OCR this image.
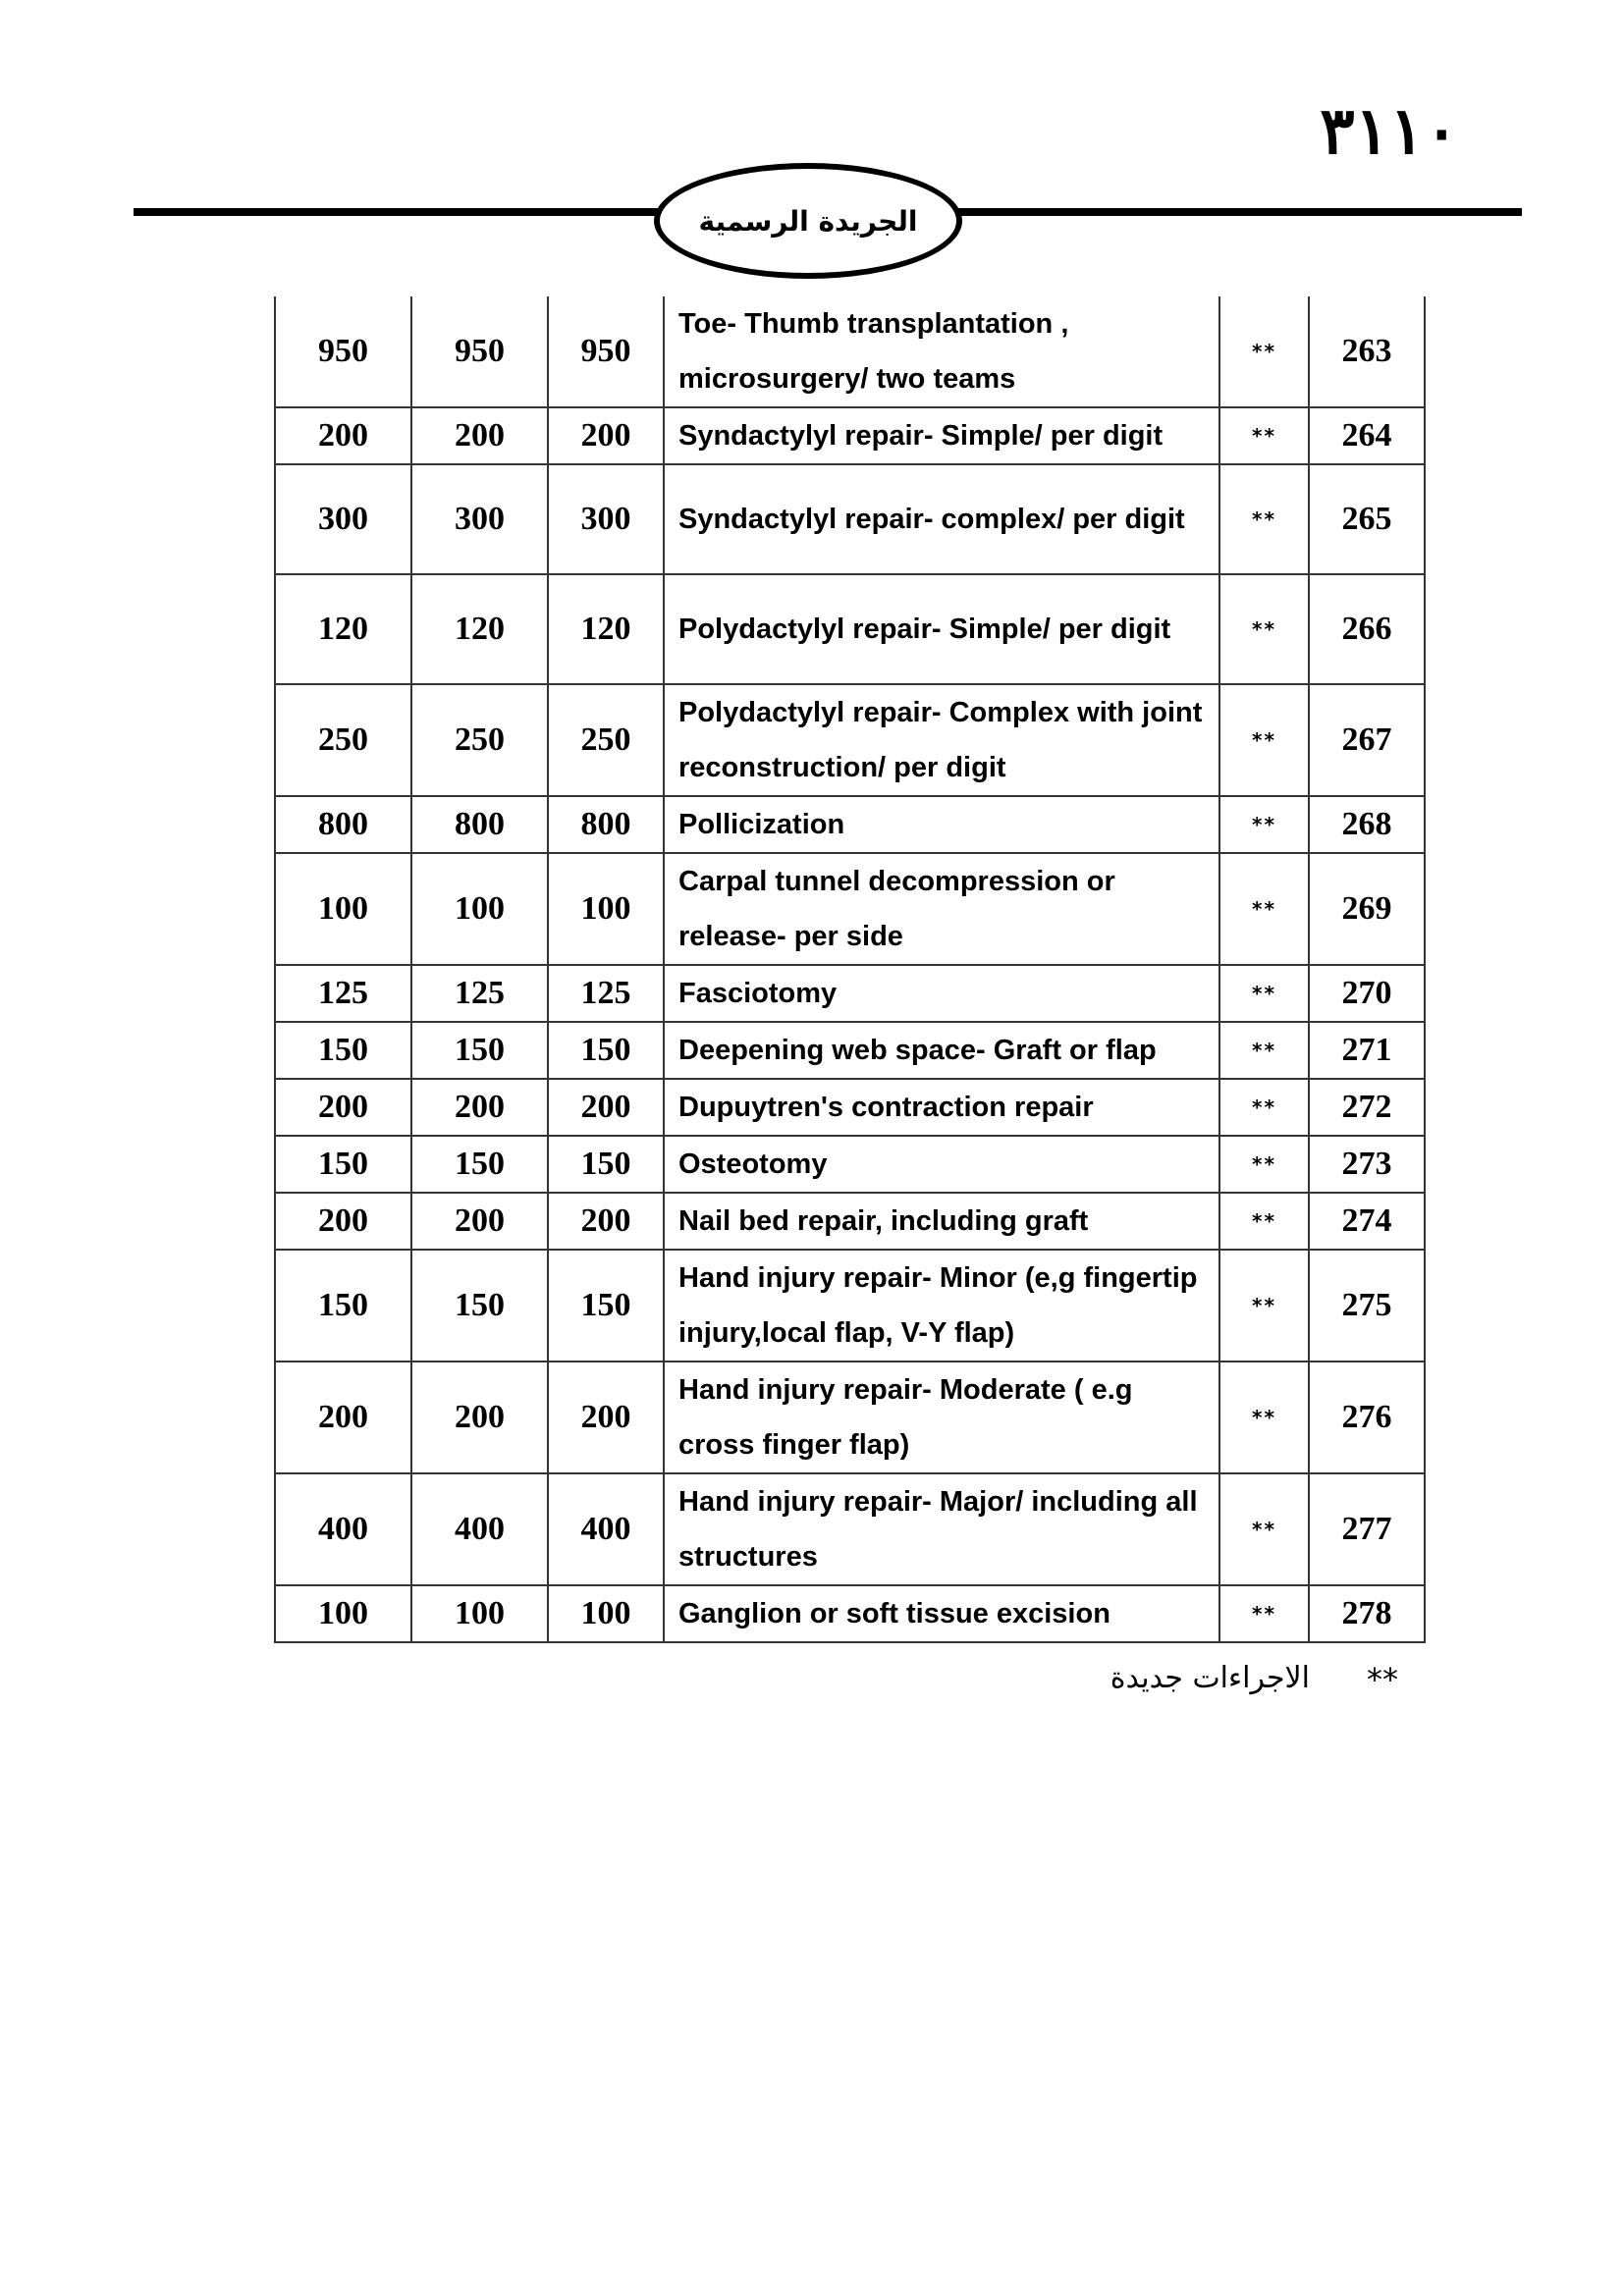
٣١١٠
الجريدة الرسمية
950	950	950	Toe- Thumb transplantation , microsurgery/ two teams	**	263
200	200	200	Syndactylyl repair- Simple/ per digit	**	264
300	300	300	Syndactylyl repair- complex/ per digit	**	265
120	120	120	Polydactylyl repair- Simple/ per digit	**	266
250	250	250	Polydactylyl repair- Complex with joint reconstruction/ per digit	**	267
800	800	800	Pollicization	**	268
100	100	100	Carpal tunnel decompression or release- per side	**	269
125	125	125	Fasciotomy	**	270
150	150	150	Deepening web space- Graft or flap	**	271
200	200	200	Dupuytren's contraction repair	**	272
150	150	150	Osteotomy	**	273
200	200	200	Nail bed repair, including graft	**	274
150	150	150	Hand injury repair- Minor (e,g fingertip injury,local flap, V-Y flap)	**	275
200	200	200	Hand injury repair- Moderate ( e.g cross finger flap)	**	276
400	400	400	Hand injury repair- Major/ including all structures	**	277
100	100	100	Ganglion or soft tissue excision	**	278
**
الاجراءات جديدة
